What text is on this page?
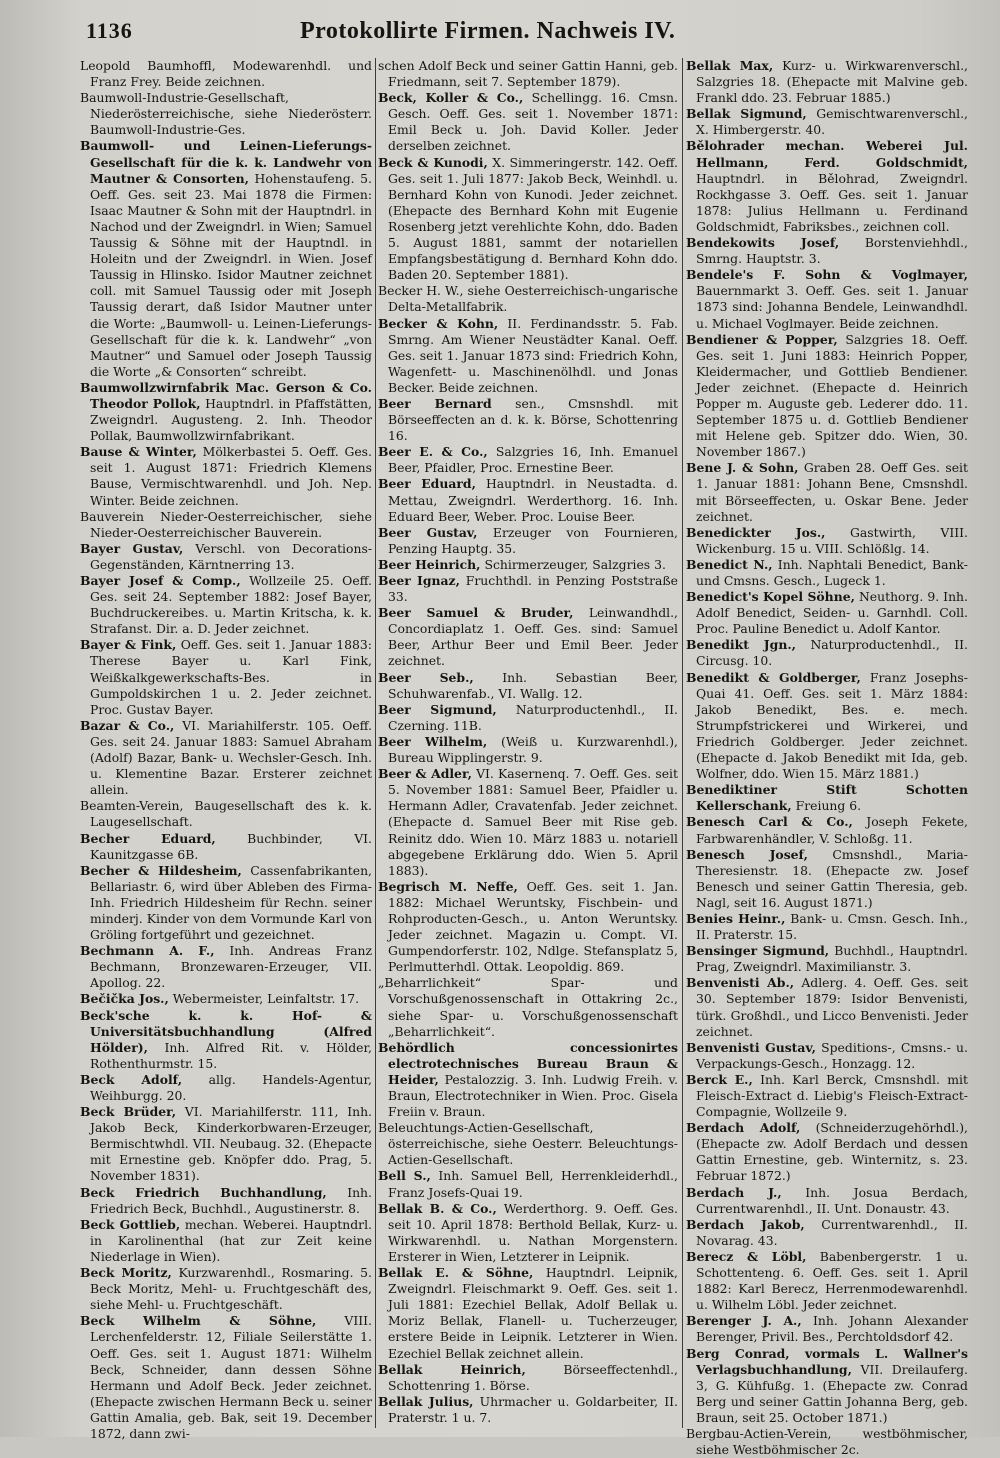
1136	Protokollirte Firmen. Nachweis IV.

Leopold Baumhoffl, Modewarenhdl. und Franz Frey. Beide zeichnen.

Baumwoll-Industrie-Gesellschaft, Niederösterreichische, siehe Niederösterr. Baumwoll-Industrie-Ges.

Baumwoll- und Leinen-Lieferungs-Gesellschaft für die k. k. Landwehr von Mautner & Consorten, Hohenstaufeng. 5. Oeff. Ges. seit 23. Mai 1878 die Firmen: Isaac Mautner & Sohn mit der Hauptndrl. in Nachod und der Zweigndrl. in Wien; Samuel Taussig & Söhne mit der Hauptndl. in Holeitn und der Zweigndrl. in Wien. Josef Taussig in Hlinsko. Isidor Mautner zeichnet coll. mit Samuel Taussig oder mit Joseph Taussig derart, daß Isidor Mautner unter die Worte: „Baumwoll- u. Leinen-Lieferungs-Gesellschaft für die k. k. Landwehr“ „von Mautner“ und Samuel oder Joseph Taussig die Worte „& Consorten“ schreibt.

Baumwollzwirnfabrik Mac. Gerson & Co. Theodor Pollok, Hauptndrl. in Pfaffstätten, Zweigndrl. Augusteng. 2. Inh. Theodor Pollak, Baumwollzwirnfabrikant.

Bause & Winter, Mölkerbastei 5. Oeff. Ges. seit 1. August 1871: Friedrich Klemens Bause, Vermischtwarenhdl. und Joh. Nep. Winter. Beide zeichnen.

Bauverein Nieder-Oesterreichischer, siehe Nieder-Oesterreichischer Bauverein.

Bayer Gustav, Verschl. von Decorations-Gegenständen, Kärntnerring 13.

Bayer Josef & Comp., Wollzeile 25. Oeff. Ges. seit 24. September 1882: Josef Bayer, Buchdruckereibes. u. Martin Kritscha, k. k. Strafanst. Dir. a. D. Jeder zeichnet.

Bayer & Fink, Oeff. Ges. seit 1. Januar 1883: Therese Bayer u. Karl Fink, Weißkalkgewerkschafts-Bes. in Gumpoldskirchen 1 u. 2. Jeder zeichnet. Proc. Gustav Bayer.

Bazar & Co., VI. Mariahilferstr. 105. Oeff. Ges. seit 24. Januar 1883: Samuel Abraham (Adolf) Bazar, Bank- u. Wechsler-Gesch. Inh. u. Klementine Bazar. Ersterer zeichnet allein.

Beamten-Verein, Baugesellschaft des k. k. Laugesellschaft.

Becher Eduard,	Buchbinder, VI. Kaunitzgasse 6B.

Becher & Hildesheim, Cassenfabrikanten, Bellariastr. 6, wird über Ableben des Firma-Inh. Friedrich Hildesheim für Rechn. seiner minderj. Kinder von dem Vormunde Karl von Gröling fortgeführt und gezeichnet.

Bechmann A. F., Inh. Andreas Franz Bechmann, Bronzewaren-Erzeuger, VII. Apollog. 22.

Bečička Jos., Webermeister, Leinfaltstr. 17.

Beck'sche k. k. Hof- & Universitätsbuchhandlung (Alfred Hölder), Inh. Alfred Rit. v. Hölder, Rothenthurmstr. 15.

Beck Adolf, allg. Handels-Agentur, Weihburgg. 20.

Beck Brüder, VI. Mariahilferstr. 111, Inh. Jakob Beck, Kinderkorbwaren-Erzeuger, Bermischtwhdl. VII. Neubaug. 32. (Ehepacte mit Ernestine geb. Knöpfer ddo. Prag, 5. November 1831).

Beck Friedrich Buchhandlung, Inh. Friedrich Beck, Buchhdl., Augustinerstr. 8.

Beck Gottlieb, mechan. Weberei. Hauptndrl. in Karolinenthal (hat zur Zeit keine Niederlage in Wien).

Beck Moritz, Kurzwarenhdl., Rosmaring. 5. Beck Moritz, Mehl- u. Fruchtgeschäft des, siehe Mehl- u. Fruchtgeschäft.

Beck Wilhelm & Söhne, VIII. Lerchenfelderstr. 12, Filiale Seilerstätte 1. Oeff. Ges. seit 1. August 1871: Wilhelm Beck, Schneider, dann dessen Söhne Hermann und Adolf Beck. Jeder zeichnet. (Ehepacte zwischen Hermann Beck u. seiner Gattin Amalia, geb. Bak, seit 19. December 1872, dann zwi-

schen Adolf Beck und seiner Gattin Hanni, geb. Friedmann, seit 7. September 1879).

Beck, Koller & Co., Schellingg. 16. Cmsn. Gesch. Oeff. Ges. seit 1. November 1871: Emil Beck u. Joh. David Koller. Jeder derselben zeichnet.

Beck & Kunodi, X. Simmeringerstr. 142. Oeff. Ges. seit 1. Juli 1877: Jakob Beck, Weinhdl. u. Bernhard Kohn von Kunodi. Jeder zeichnet. (Ehepacte des Bernhard Kohn mit Eugenie Rosenberg jetzt verehlichte Kohn, ddo. Baden 5. August 1881, sammt der notariellen Empfangsbestätigung d. Bernhard Kohn ddo. Baden 20. September 1881).

Becker H. W., siehe Oesterreichisch-ungarische Delta-Metallfabrik.

Becker & Kohn, II. Ferdinandsstr. 5. Fab. Smrng. Am Wiener Neustädter Kanal. Oeff. Ges. seit 1. Januar 1873 sind: Friedrich Kohn, Wagenfett- u. Maschinenölhdl. und Jonas Becker. Beide zeichnen.

Beer Bernard sen., Cmsnshdl. mit Börseeffecten an d. k. k. Börse, Schottenring 16.

Beer E. & Co., Salzgries 16, Inh. Emanuel Beer, Pfaidler, Proc. Ernestine Beer.

Beer Eduard, Hauptndrl. in Neustadta. d. Mettau, Zweigndrl. Werderthorg. 16. Inh. Eduard Beer, Weber. Proc. Louise Beer.

Beer Gustav, Erzeuger von Fournieren, Penzing Hauptg. 35.

Beer Heinrich, Schirmerzeuger, Salzgries 3.

Beer Ignaz, Fruchthdl. in Penzing Poststraße 33.

Beer Samuel & Bruder, Leinwandhdl., Concordiaplatz 1. Oeff. Ges. sind: Samuel Beer, Arthur Beer und Emil Beer. Jeder zeichnet.

Beer Seb., Inh. Sebastian Beer, Schuhwarenfab., VI. Wallg. 12.

Beer Sigmund, Naturproductenhdl., II. Czerning. 11B.

Beer Wilhelm, (Weiß u. Kurzwarenhdl.), Bureau Wipplingerstr. 9.

Beer & Adler, VI. Kasernenq. 7. Oeff. Ges. seit 5. November 1881: Samuel Beer, Pfaidler u. Hermann Adler, Cravatenfab. Jeder zeichnet. (Ehepacte d. Samuel Beer mit Rise geb. Reinitz ddo. Wien 10. März 1883 u. notariell abgegebene Erklärung ddo. Wien 5. April 1883).

Begrisch M. Neffe, Oeff. Ges. seit 1. Jan. 1882: Michael Weruntsky, Fischbein- und Rohproducten-Gesch., u. Anton Weruntsky. Jeder zeichnet. Magazin u. Compt. VI. Gumpendorferstr. 102, Ndlge. Stefansplatz 5, Perlmutterhdl. Ottak. Leopoldig. 869.

„Beharrlichkeit“ Spar- und Vorschußgenossenschaft in Ottakring 2c., siehe Spar- u. Vorschußgenossenschaft „Beharrlichkeit“.

Behördlich concessionirtes electrotechnisches Bureau Braun & Heider, Pestalozzig. 3. Inh. Ludwig Freih. v. Braun, Electrotechniker in Wien. Proc. Gisela Freiin v. Braun.

Beleuchtungs-Actien-Gesellschaft, österreichische, siehe Oesterr. Beleuchtungs-Actien-Gesellschaft.

Bell S., Inh. Samuel Bell, Herrenkleiderhdl., Franz Josefs-Quai 19.

Bellak B. & Co., Werderthorg. 9. Oeff. Ges. seit 10. April 1878: Berthold Bellak, Kurz- u. Wirkwarenhdl. u. Nathan Morgenstern. Ersterer in Wien, Letzterer in Leipnik.

Bellak E. & Söhne, Hauptndrl. Leipnik, Zweigndrl. Fleischmarkt 9. Oeff. Ges. seit 1. Juli 1881: Ezechiel Bellak, Adolf Bellak u. Moriz Bellak, Flanell- u. Tucherzeuger, erstere Beide in Leipnik. Letzterer in Wien. Ezechiel Bellak zeichnet allein.

Bellak Heinrich,	Börseeffectenhdl., Schottenring 1. Börse.

Bellak Julius, Uhrmacher u. Goldarbeiter, II. Praterstr. 1 u. 7.

Bellak Max, Kurz- u. Wirkwarenverschl., Salzgries 18. (Ehepacte mit Malvine geb. Frankl ddo. 23. Februar 1885.)

Bellak Sigmund, Gemischtwarenverschl., X. Himbergerstr. 40.

Bělohrader mechan. Weberei Jul. Hellmann, Ferd. Goldschmidt, Hauptndrl. in Bělohrad, Zweigndrl. Rockhgasse 3. Oeff. Ges. seit 1. Januar 1878: Julius Hellmann u. Ferdinand Goldschmidt, Fabriksbes., zeichnen coll.

Bendekowits Josef, Borstenviehhdl., Smrng. Hauptstr. 3.

Bendele's F. Sohn & Voglmayer, Bauernmarkt 3. Oeff. Ges. seit 1. Januar 1873 sind: Johanna Bendele, Leinwandhdl. u. Michael Voglmayer. Beide zeichnen.

Bendiener & Popper, Salzgries 18. Oeff. Ges. seit 1. Juni 1883: Heinrich Popper, Kleidermacher, und Gottlieb Bendiener. Jeder zeichnet. (Ehepacte d. Heinrich Popper m. Auguste geb. Lederer ddo. 11. September 1875 u. d. Gottlieb Bendiener mit Helene geb. Spitzer ddo. Wien, 30. November 1867.)

Bene J. & Sohn, Graben 28. Oeff Ges. seit 1. Januar 1881: Johann Bene, Cmsnshdl. mit Börseeffecten, u. Oskar Bene. Jeder zeichnet.

Benedickter Jos., Gastwirth, VIII. Wickenburg. 15 u. VIII. Schlößlg. 14.

Benedict N., Inh. Naphtali Benedict, Bank- und Cmsns. Gesch., Lugeck 1.

Benedict's Kopel Söhne, Neuthorg. 9. Inh. Adolf Benedict, Seiden- u. Garnhdl. Coll. Proc. Pauline Benedict u. Adolf Kantor.

Benedikt Jgn., Naturproductenhdl., II. Circusg. 10.

Benedikt & Goldberger, Franz Josephs-Quai 41. Oeff. Ges. seit 1. März 1884: Jakob Benedikt, Bes. e. mech. Strumpfstrickerei und Wirkerei, und Friedrich Goldberger. Jeder zeichnet. (Ehepacte d. Jakob Benedikt mit Ida, geb. Wolfner, ddo. Wien 15. März 1881.)

Benediktiner Stift Schotten Kellerschank, Freiung 6.

Benesch Carl & Co., Joseph Fekete, Farbwarenhändler, V. Schloßg. 11.

Benesch Josef, Cmsnshdl., Maria-Theresienstr. 18. (Ehepacte zw. Josef Benesch und seiner Gattin Theresia, geb. Nagl, seit 16. August 1871.)

Benies Heinr., Bank- u. Cmsn. Gesch. Inh., II. Praterstr. 15.

Bensinger Sigmund, Buchhdl., Hauptndrl. Prag, Zweigndrl. Maximilianstr. 3.

Benvenisti Ab., Adlerg. 4. Oeff. Ges. seit 30. September 1879: Isidor Benvenisti, türk. Großhdl., und Licco Benvenisti. Jeder zeichnet.

Benvenisti Gustav, Speditions-, Cmsns.- u. Verpackungs-Gesch., Honzagg. 12.

Berck E., Inh. Karl Berck, Cmsnshdl. mit Fleisch-Extract d. Liebig's Fleisch-Extract-Compagnie, Wollzeile 9.

Berdach Adolf, (Schneiderzugehörhdl.), (Ehepacte zw. Adolf Berdach und dessen Gattin Ernestine, geb. Winternitz, s. 23. Februar 1872.)

Berdach J., Inh. Josua Berdach, Currentwarenhdl., II. Unt. Donaustr. 43.

Berdach Jakob, Currentwarenhdl., II. Novarag. 43.

Berecz & Löbl, Babenbergerstr. 1 u. Schottenteng. 6. Oeff. Ges. seit 1. April 1882: Karl Berecz, Herrenmodewarenhdl. u. Wilhelm Löbl. Jeder zeichnet.

Berenger J. A., Inh. Johann Alexander Berenger, Privil. Bes., Perchtoldsdorf 42.

Berg Conrad, vormals L. Wallner's Verlagsbuchhandlung, VII. Dreilauferg. 3, G. Kühfußg. 1. (Ehepacte zw. Conrad Berg und seiner Gattin Johanna Berg, geb. Braun, seit 25. October 1871.)

Bergbau-Actien-Verein, westböhmischer, siehe Westböhmischer 2c.
